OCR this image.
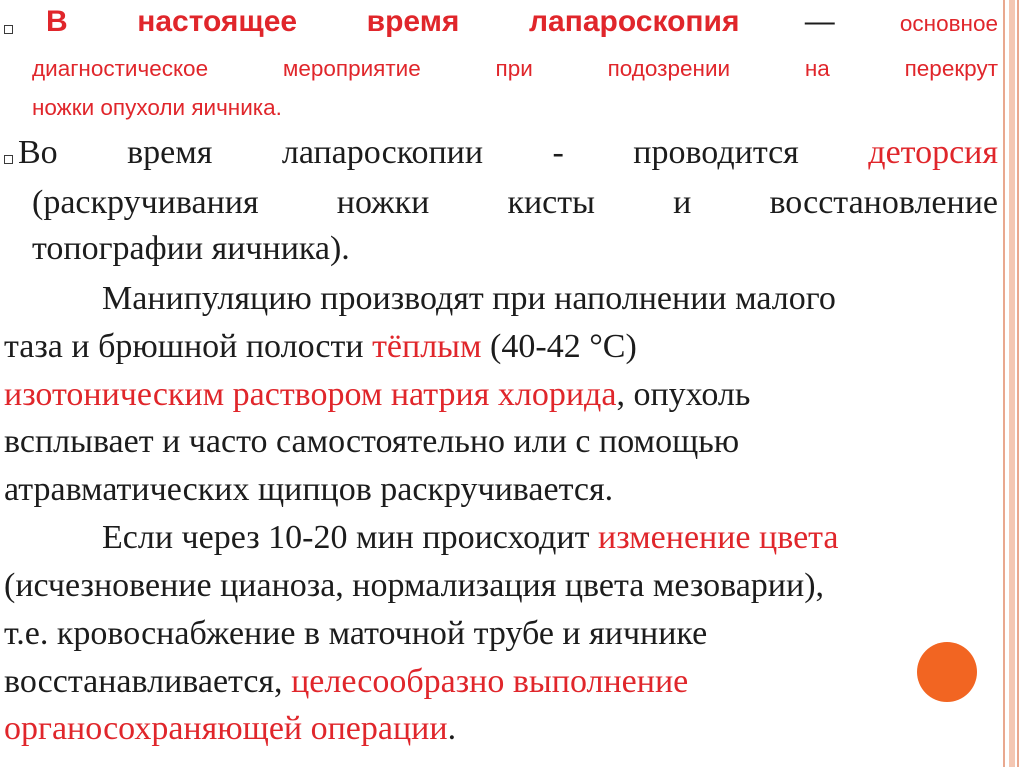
В настоящее время лапароскопия —	основное
диагностическое мероприятие при подозрении на перекрут
ножки опухоли яичника.
Во время лапароскопии - проводится деторсия
(раскручивания ножки кисты и восстановление
топографии яичника).
Манипуляцию производят при наполнении малого
таза и брюшной полости тёплым (40-42 °С)
изотоническим раствором натрия хлорида, опухоль
всплывает и часто самостоятельно или с помощью
атравматических щипцов раскручивается.
Если через 10-20 мин происходит изменение цвета
(исчезновение цианоза, нормализация цвета мезоварии),
т.е. кровоснабжение в маточной трубе и яичнике
восстанавливается, целесообразно выполнение
органосохраняющей операции.
